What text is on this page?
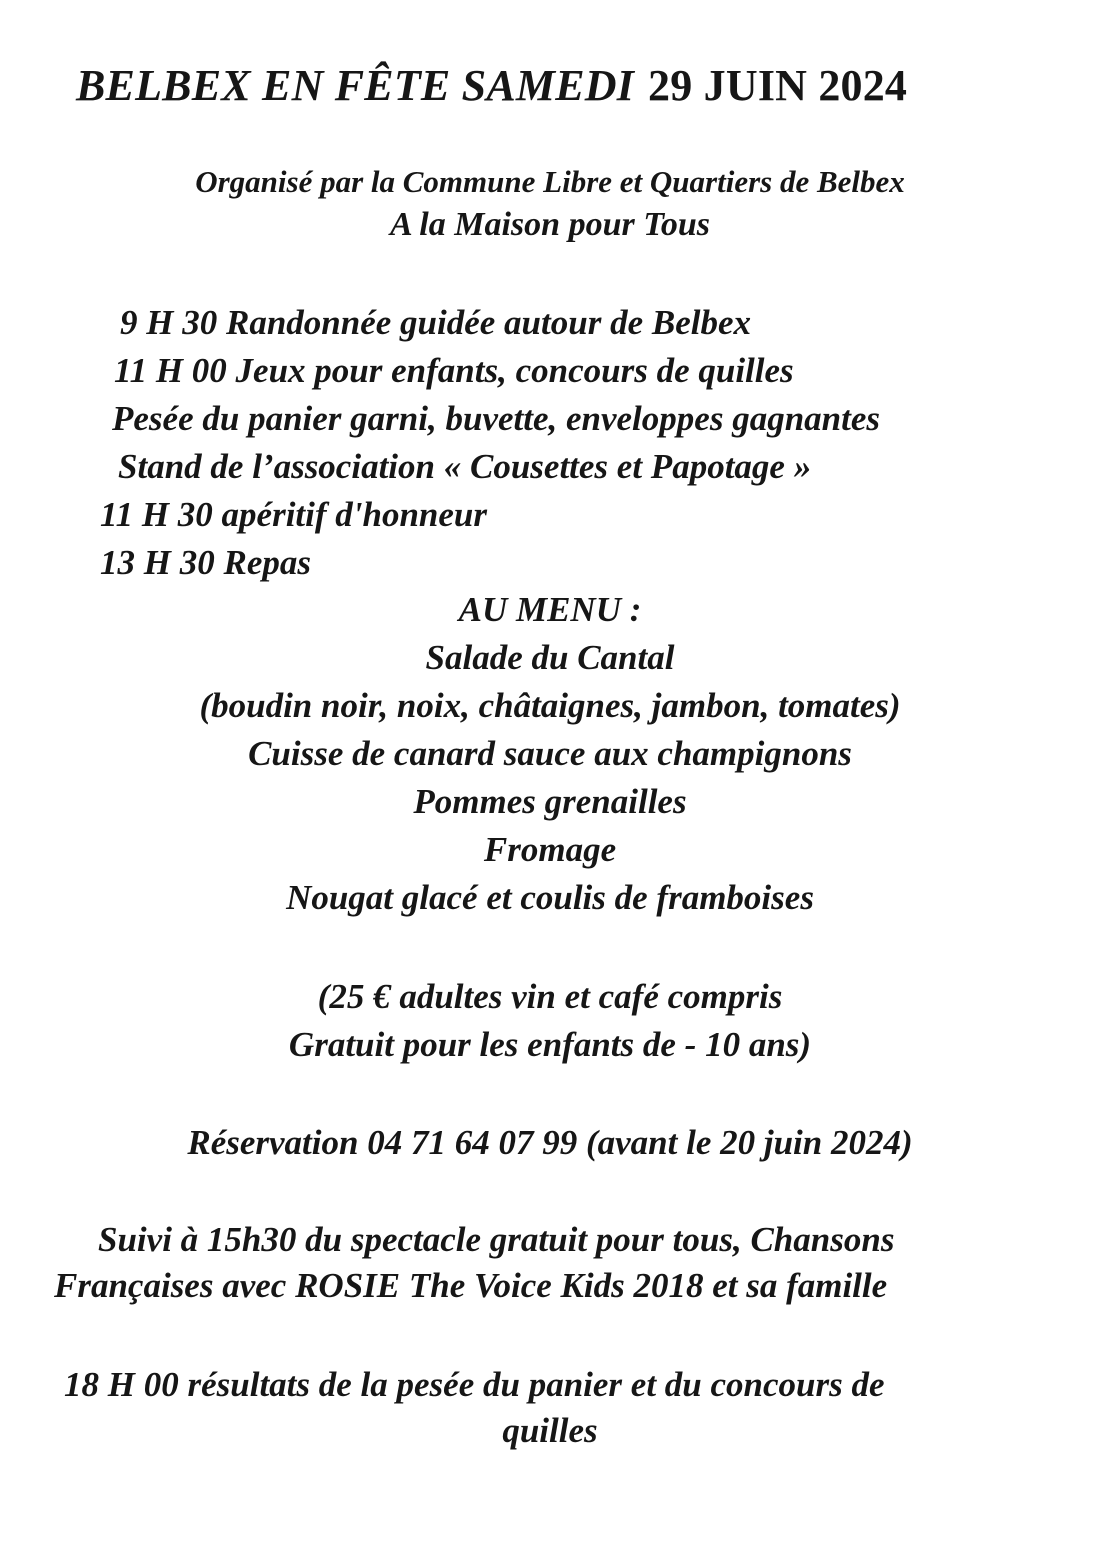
BELBEX EN FÊTE SAMEDI 29 JUIN 2024
Organisé par la Commune Libre et Quartiers de Belbex
A la Maison pour Tous
9 H 30 Randonnée guidée autour de Belbex
11 H 00 Jeux pour enfants, concours de quilles
Pesée du panier garni, buvette, enveloppes gagnantes
Stand de l’association « Cousettes et Papotage »
11 H 30 apéritif d'honneur
13 H 30 Repas
AU MENU :
Salade du Cantal
(boudin noir, noix, châtaignes, jambon, tomates)
Cuisse de canard sauce aux champignons
Pommes grenailles
Fromage
Nougat glacé et coulis de framboises
(25 € adultes vin et café compris
Gratuit pour les enfants de - 10 ans)
Réservation 04 71 64 07 99 (avant le 20 juin 2024)
Suivi à 15h30 du spectacle gratuit pour tous, Chansons
Françaises avec ROSIE The Voice Kids 2018 et sa famille
18 H 00 résultats de la pesée du panier et du concours de
quilles
